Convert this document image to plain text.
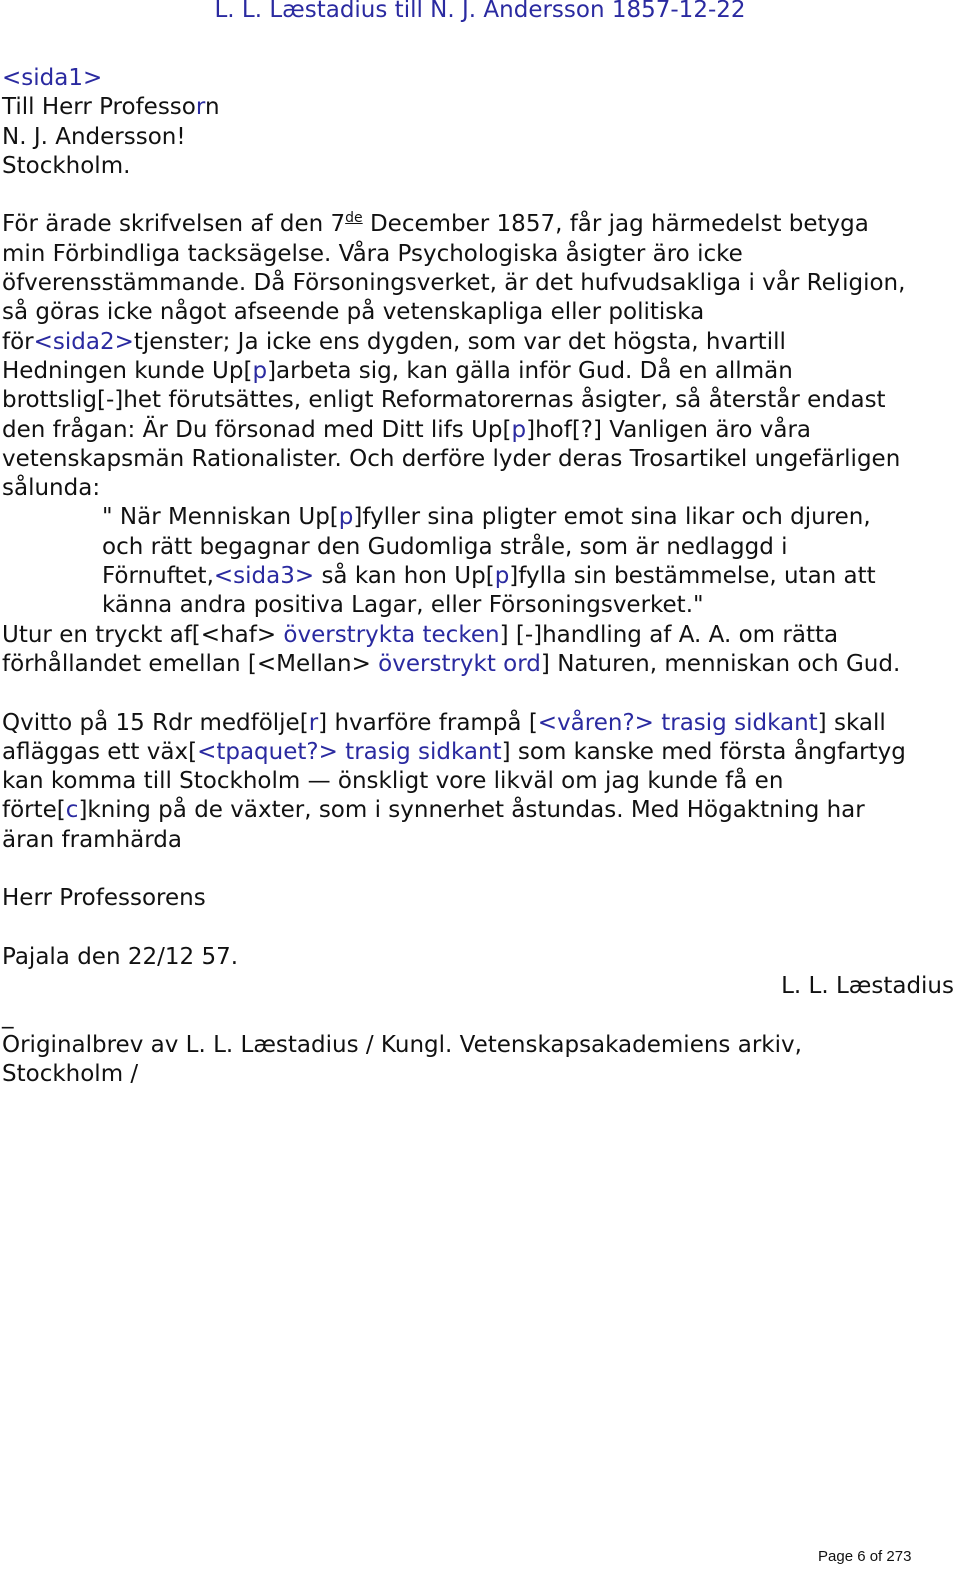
L. L. Læstadius till N. J. Andersson 1857-12-22
<sida1>
Till Herr Professorn
N. J. Andersson!
Stockholm.
För ärade skrifvelsen af den 7de December 1857, får jag härmedelst betyga
min Förbindliga tacksägelse. Våra Psychologiska åsigter äro icke
öfverensstämmande. Då Försoningsverket, är det hufvudsakliga i vår Religion,
så göras icke något afseende på vetenskapliga eller politiska
för<sida2>tjenster; Ja icke ens dygden, som var det högsta, hvartill
Hedningen kunde Up[p]arbeta sig, kan gälla inför Gud. Då en allmän
brottslig[-]het förutsättes, enligt Reformatorernas åsigter, så återstår endast
den frågan: Är Du försonad med Ditt lifs Up[p]hof[?] Vanligen äro våra
vetenskapsmän Rationalister. Och derföre lyder deras Trosartikel ungefärligen
sålunda:
" När Menniskan Up[p]fyller sina pligter emot sina likar och djuren,
och rätt begagnar den Gudomliga stråle, som är nedlaggd i
Förnuftet,<sida3> så kan hon Up[p]fylla sin bestämmelse, utan att
känna andra positiva Lagar, eller Försoningsverket."
Utur en tryckt af[<haf> överstrykta tecken] [-]handling af A. A. om rätta
förhållandet emellan [<Mellan> överstrykt ord] Naturen, menniskan och Gud.
Qvitto på 15 Rdr medfölje[r] hvarföre frampå [<våren?> trasig sidkant] skall
afläggas ett väx[<tpaquet?> trasig sidkant] som kanske med första ångfartyg
kan komma till Stockholm — önskligt vore likväl om jag kunde få en
förte[c]kning på de växter, som i synnerhet åstundas. Med Högaktning har
äran framhärda
Herr Professorens
Pajala den 22/12 57.
L. L. Læstadius
_
Originalbrev av L. L. Læstadius / Kungl. Vetenskapsakademiens arkiv,
Stockholm /
Page 6 of 273
